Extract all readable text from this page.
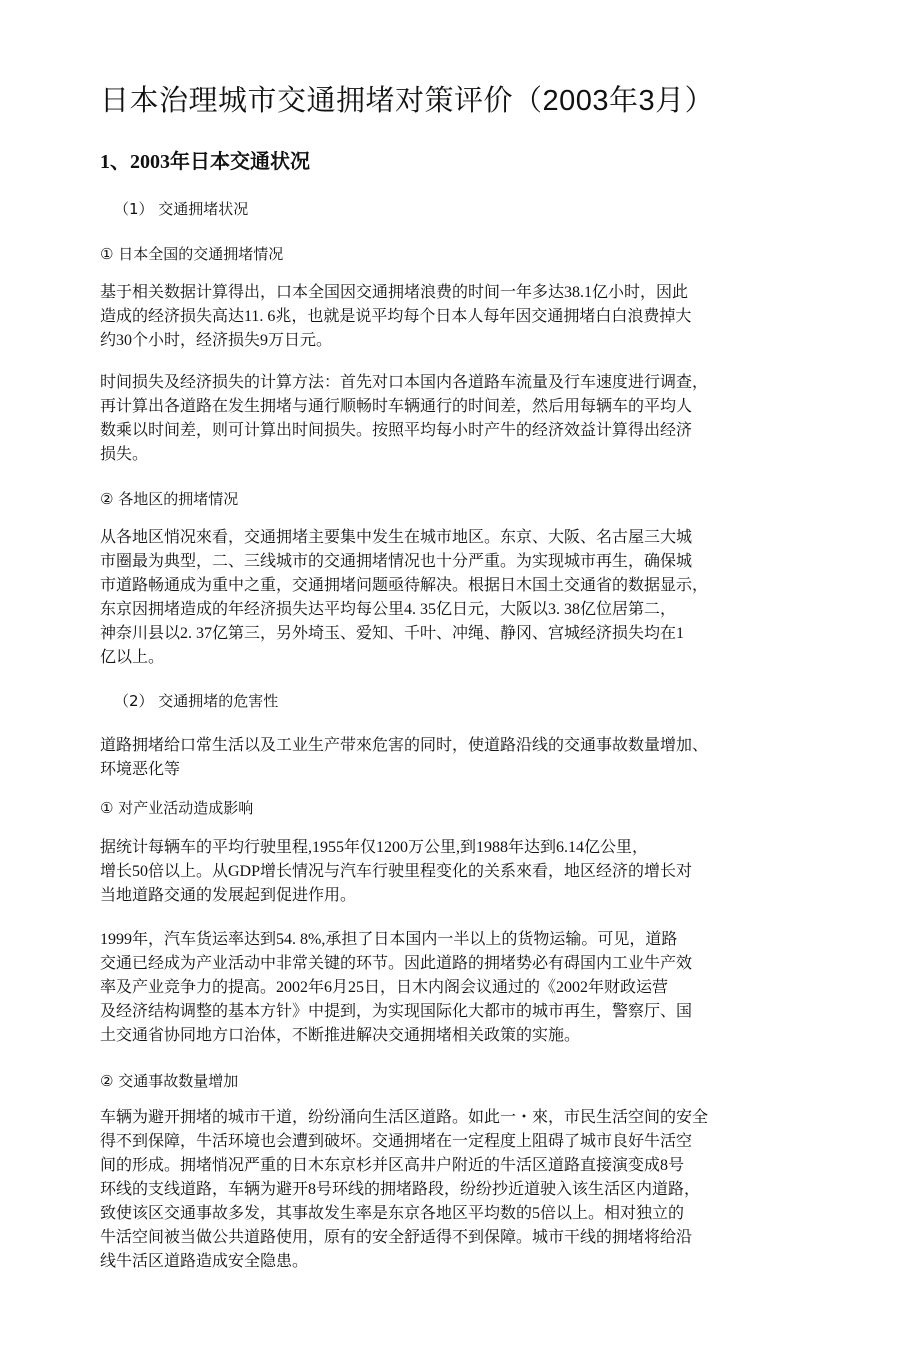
日本治理城市交通拥堵对策评价（2003年3月）
1、2003年日本交通状况

（1） 交通拥堵状况

① 日本全国的交通拥堵情况

基于相关数据计算得出，口本全国因交通拥堵浪费的时间一年多达38.1亿小时，因此
造成的经济损失高达11. 6兆，也就是说平均每个日本人每年因交通拥堵白白浪费掉大
约30个小时，经济损失9万日元。
时间损失及经济损失的计算方法：首先对口本国内各道路车流量及行车速度进行调查，
再计算出各道路在发生拥堵与通行顺畅时车辆通行的时间差，然后用每辆车的平均人
数乘以时间差，则可计算出时间损失。按照平均每小时产牛的经济效益计算得出经济
损失。

② 各地区的拥堵情况

从各地区悄况來看，交通拥堵主要集中发生在城市地区。东京、大阪、名古屋三大城
市圈最为典型，二、三线城市的交通拥堵情况也十分严重。为实现城市再生，确保城
市道路畅通成为重中之重，交通拥堵问题亟待解决。根据日木国土交通省的数据显示，
东京因拥堵造成的年经济损失达平均每公里4. 35亿日元，大阪以3. 38亿位居第二，
神奈川县以2. 37亿第三，另外埼玉、爱知、千叶、冲绳、静冈、宫城经济损失均在1
亿以上。

（2） 交通拥堵的危害性

道路拥堵给口常生活以及工业生产带來危害的同时，使道路沿线的交通事故数量增加、
环境恶化等

① 对产业活动造成影响

据统计每辆车的平均行驶里程,1955年仅1200万公里,到1988年达到6.14亿公里，
增长50倍以上。从GDP增长情况与汽车行驶里程变化的关系來看，地区经济的增长对
当地道路交通的发展起到促进作用。
1999年，汽车货运率达到54. 8%,承担了日本国内一半以上的货物运输。可见，道路
交通已经成为产业活动中非常关键的环节。因此道路的拥堵势必有碍国内工业牛产效
率及产业竞争力的提高。2002年6月25日，日木内阁会议通过的《2002年财政运营
及经济结构调整的基本方针》中提到，为实现国际化大都市的城市再生，警察厅、国
土交通省协同地方口治体，不断推进解决交通拥堵相关政策的实施。

② 交通事故数量增加

车辆为避开拥堵的城市干道，纷纷涌向生活区道路。如此一・來，市民生活空间的安全
得不到保障，牛活环境也会遭到破坏。交通拥堵在一定程度上阻碍了城市良好牛活空
间的形成。拥堵悄况严重的日木东京杉并区高井户附近的牛活区道路直接演变成8号
环线的支线道路，车辆为避开8号环线的拥堵路段，纷纷抄近道驶入该生活区内道路，
致使该区交通事故多发，其事故发生率是东京各地区平均数的5倍以上。相对独立的
牛活空间被当做公共道路使用，原有的安全舒适得不到保障。城市干线的拥堵将给沿
线牛活区道路造成安全隐患。
